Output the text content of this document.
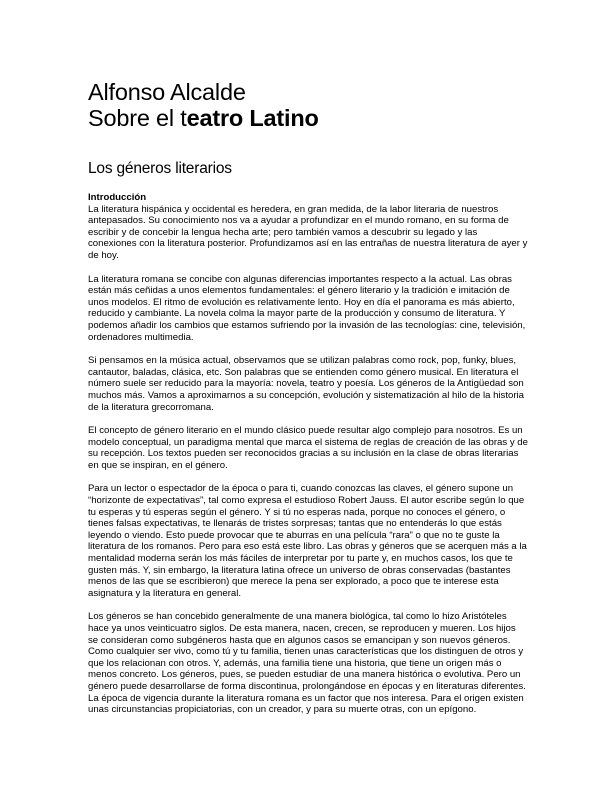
Alfonso Alcalde
Sobre el teatro Latino
Los géneros literarios
Introducción

La literatura hispánica y occidental es heredera, en gran medida, de la labor literaria de nuestros antepasados. Su conocimiento nos va a ayudar a profundizar en el mundo romano, en su forma de escribir y de concebir la lengua hecha arte; pero también vamos a descubrir su legado y las conexiones con la literatura posterior. Profundizamos así en las entrañas de nuestra literatura de ayer y de hoy.

La literatura romana se concibe con algunas diferencias importantes respecto a la actual. Las obras están más ceñidas a unos elementos fundamentales: el género literario y la tradición e imitación de unos modelos. El ritmo de evolución es relativamente lento. Hoy en día el panorama es más abierto, reducido y cambiante. La novela colma la mayor parte de la producción y consumo de literatura. Y podemos añadir los cambios que estamos sufriendo por la invasión de las tecnologías: cine, televisión, ordenadores multimedia.

Si pensamos en la música actual, observamos que se utilizan palabras como rock, pop, funky, blues, cantautor, baladas, clásica, etc. Son palabras que se entienden como género musical. En literatura el número suele ser reducido para la mayoría: novela, teatro y poesía. Los géneros de la Antigüedad son muchos más. Vamos a aproximarnos a su concepción, evolución y sistematización al hilo de la historia de la literatura grecorromana.

El concepto de género literario en el mundo clásico puede resultar algo complejo para nosotros. Es un modelo conceptual, un paradigma mental que marca el sistema de reglas de creación de las obras y de su recepción. Los textos pueden ser reconocidos gracias a su inclusión en la clase de obras literarias en que se inspiran, en el género.

Para un lector o espectador de la época o para ti, cuando conozcas las claves, el género supone un “horizonte de expectativas”, tal como expresa el estudioso Robert Jauss. El autor escribe según lo que tu esperas y tú esperas según el género. Y si tú no esperas nada, porque no conoces el género, o tienes falsas expectativas, te llenarás de tristes sorpresas; tantas que no entenderás lo que estás leyendo o viendo. Esto puede provocar que te aburras en una película “rara” o que no te guste la literatura de los romanos. Pero para eso está este libro. Las obras y géneros que se acerquen más a la mentalidad moderna serán los más fáciles de interpretar por tu parte y, en muchos casos, los que te gusten más. Y, sin embargo, la literatura latina ofrece un universo de obras conservadas (bastantes menos de las que se escribieron) que merece la pena ser explorado, a poco que te interese esta asignatura y la literatura en general.

Los géneros se han concebido generalmente de una manera biológica, tal como lo hizo Aristóteles hace ya unos veinticuatro siglos. De esta manera, nacen, crecen, se reproducen y mueren. Los hijos se consideran como subgéneros hasta que en algunos casos se emancipan y son nuevos géneros. Como cualquier ser vivo, como tú y tu familia, tienen unas características que los distinguen de otros y que los relacionan con otros. Y, además, una familia tiene una historia, que tiene un origen más o menos concreto. Los géneros, pues, se pueden estudiar de una manera histórica o evolutiva. Pero un género puede desarrollarse de forma discontinua, prolongándose en épocas y en literaturas diferentes. La época de vigencia durante la literatura romana es un factor que nos interesa. Para el origen existen unas circunstancias propiciatorias, con un creador, y para su muerte otras, con un epígono.
